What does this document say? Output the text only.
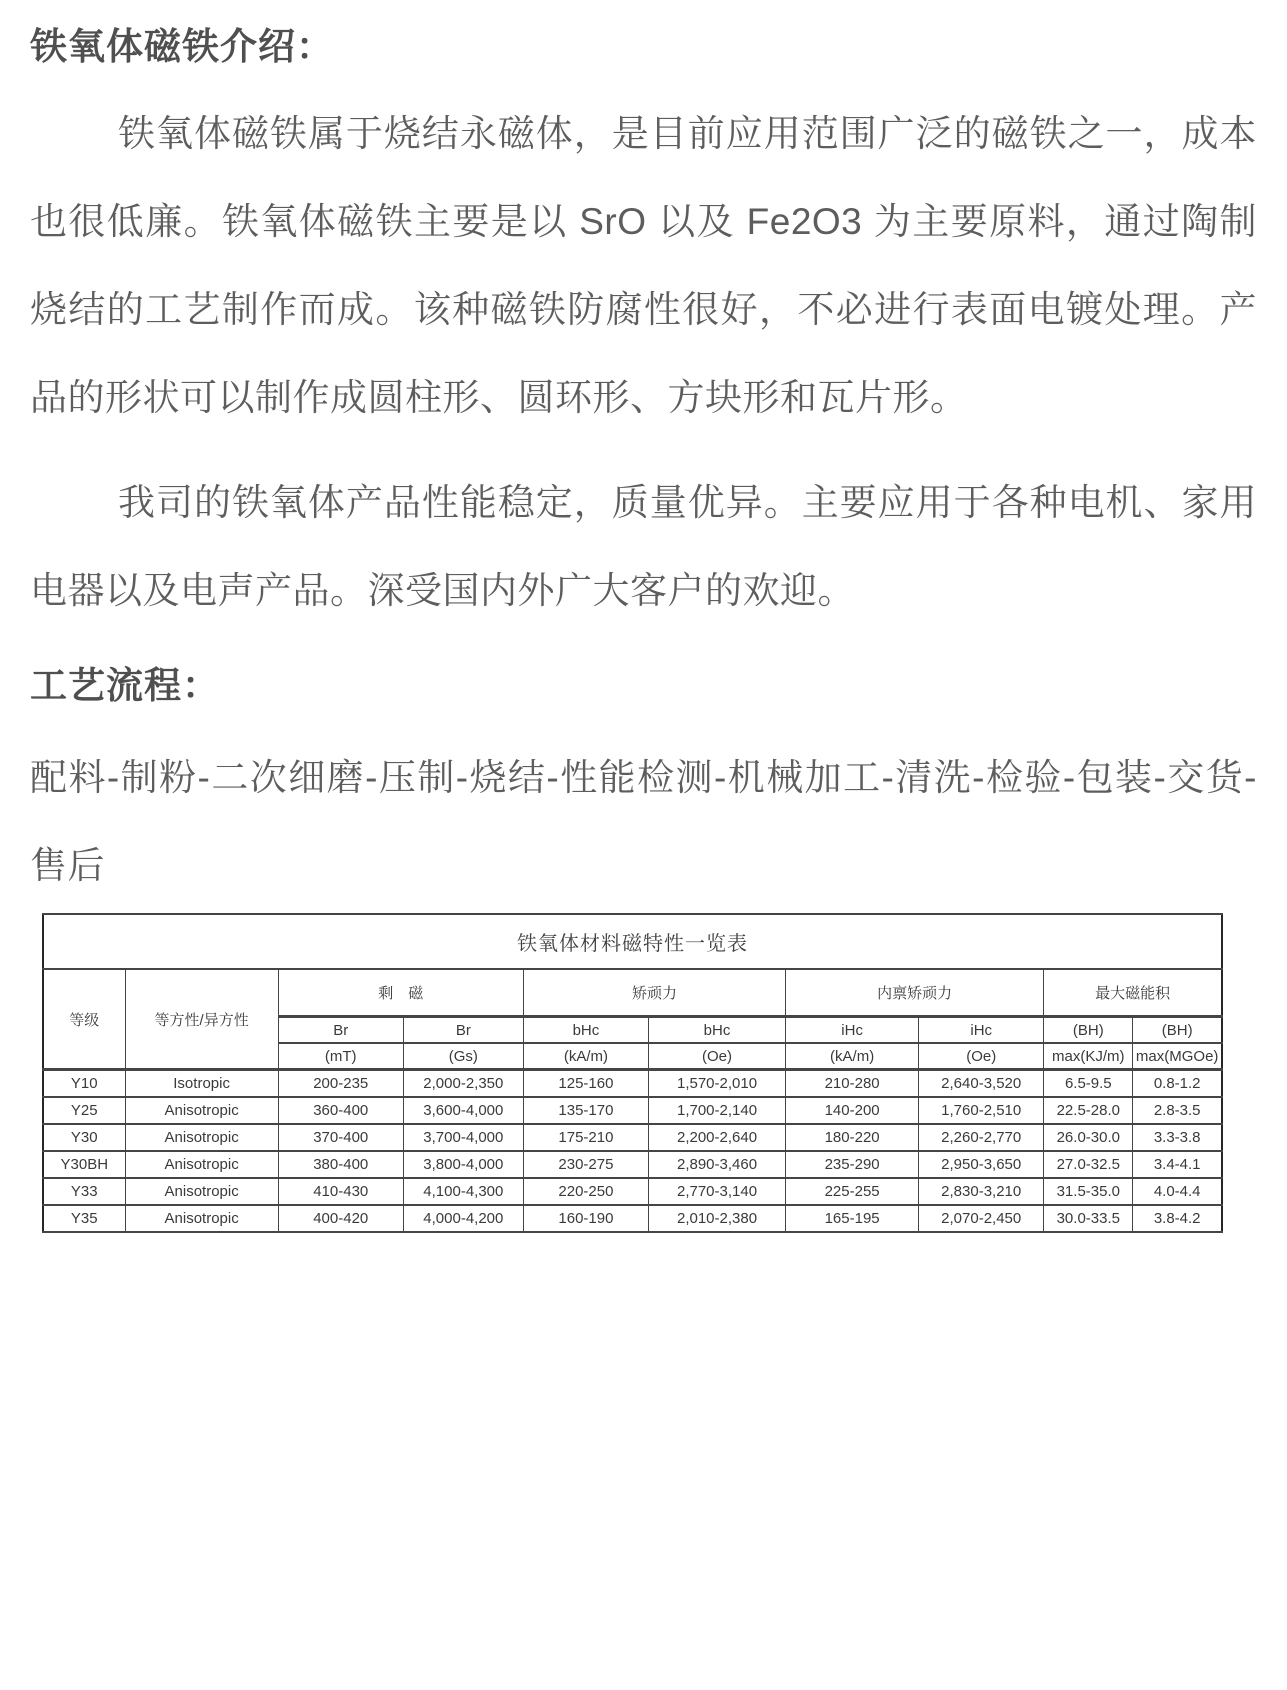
铁氧体磁铁介绍：

铁氧体磁铁属于烧结永磁体，是目前应用范围广泛的磁铁之一，成本也很低廉。铁氧体磁铁主要是以 SrO 以及 Fe2O3 为主要原料，通过陶制烧结的工艺制作而成。该种磁铁防腐性很好，不必进行表面电镀处理。产品的形状可以制作成圆柱形、圆环形、方块形和瓦片形。

我司的铁氧体产品性能稳定，质量优异。主要应用于各种电机、家用电器以及电声产品。深受国内外广大客户的欢迎。

工艺流程：

配料-制粉-二次细磨-压制-烧结-性能检测-机械加工-清洗-检验-包装-交货-售后

铁氧体材料磁特性一览表									
等级	等方性/异方性	剩　磁		矫顽力		内禀矫顽力		最大磁能积	
		Br	Br	bHc	bHc	iHc	iHc	(BH)	(BH)
		(mT)	(Gs)	(kA/m)	(Oe)	(kA/m)	(Oe)	max(KJ/m)	max(MGOe)
Y10	Isotropic	200-235	2,000-2,350	125-160	1,570-2,010	210-280	2,640-3,520	6.5-9.5	0.8-1.2
Y25	Anisotropic	360-400	3,600-4,000	135-170	1,700-2,140	140-200	1,760-2,510	22.5-28.0	2.8-3.5
Y30	Anisotropic	370-400	3,700-4,000	175-210	2,200-2,640	180-220	2,260-2,770	26.0-30.0	3.3-3.8
Y30BH	Anisotropic	380-400	3,800-4,000	230-275	2,890-3,460	235-290	2,950-3,650	27.0-32.5	3.4-4.1
Y33	Anisotropic	410-430	4,100-4,300	220-250	2,770-3,140	225-255	2,830-3,210	31.5-35.0	4.0-4.4
Y35	Anisotropic	400-420	4,000-4,200	160-190	2,010-2,380	165-195	2,070-2,450	30.0-33.5	3.8-4.2
